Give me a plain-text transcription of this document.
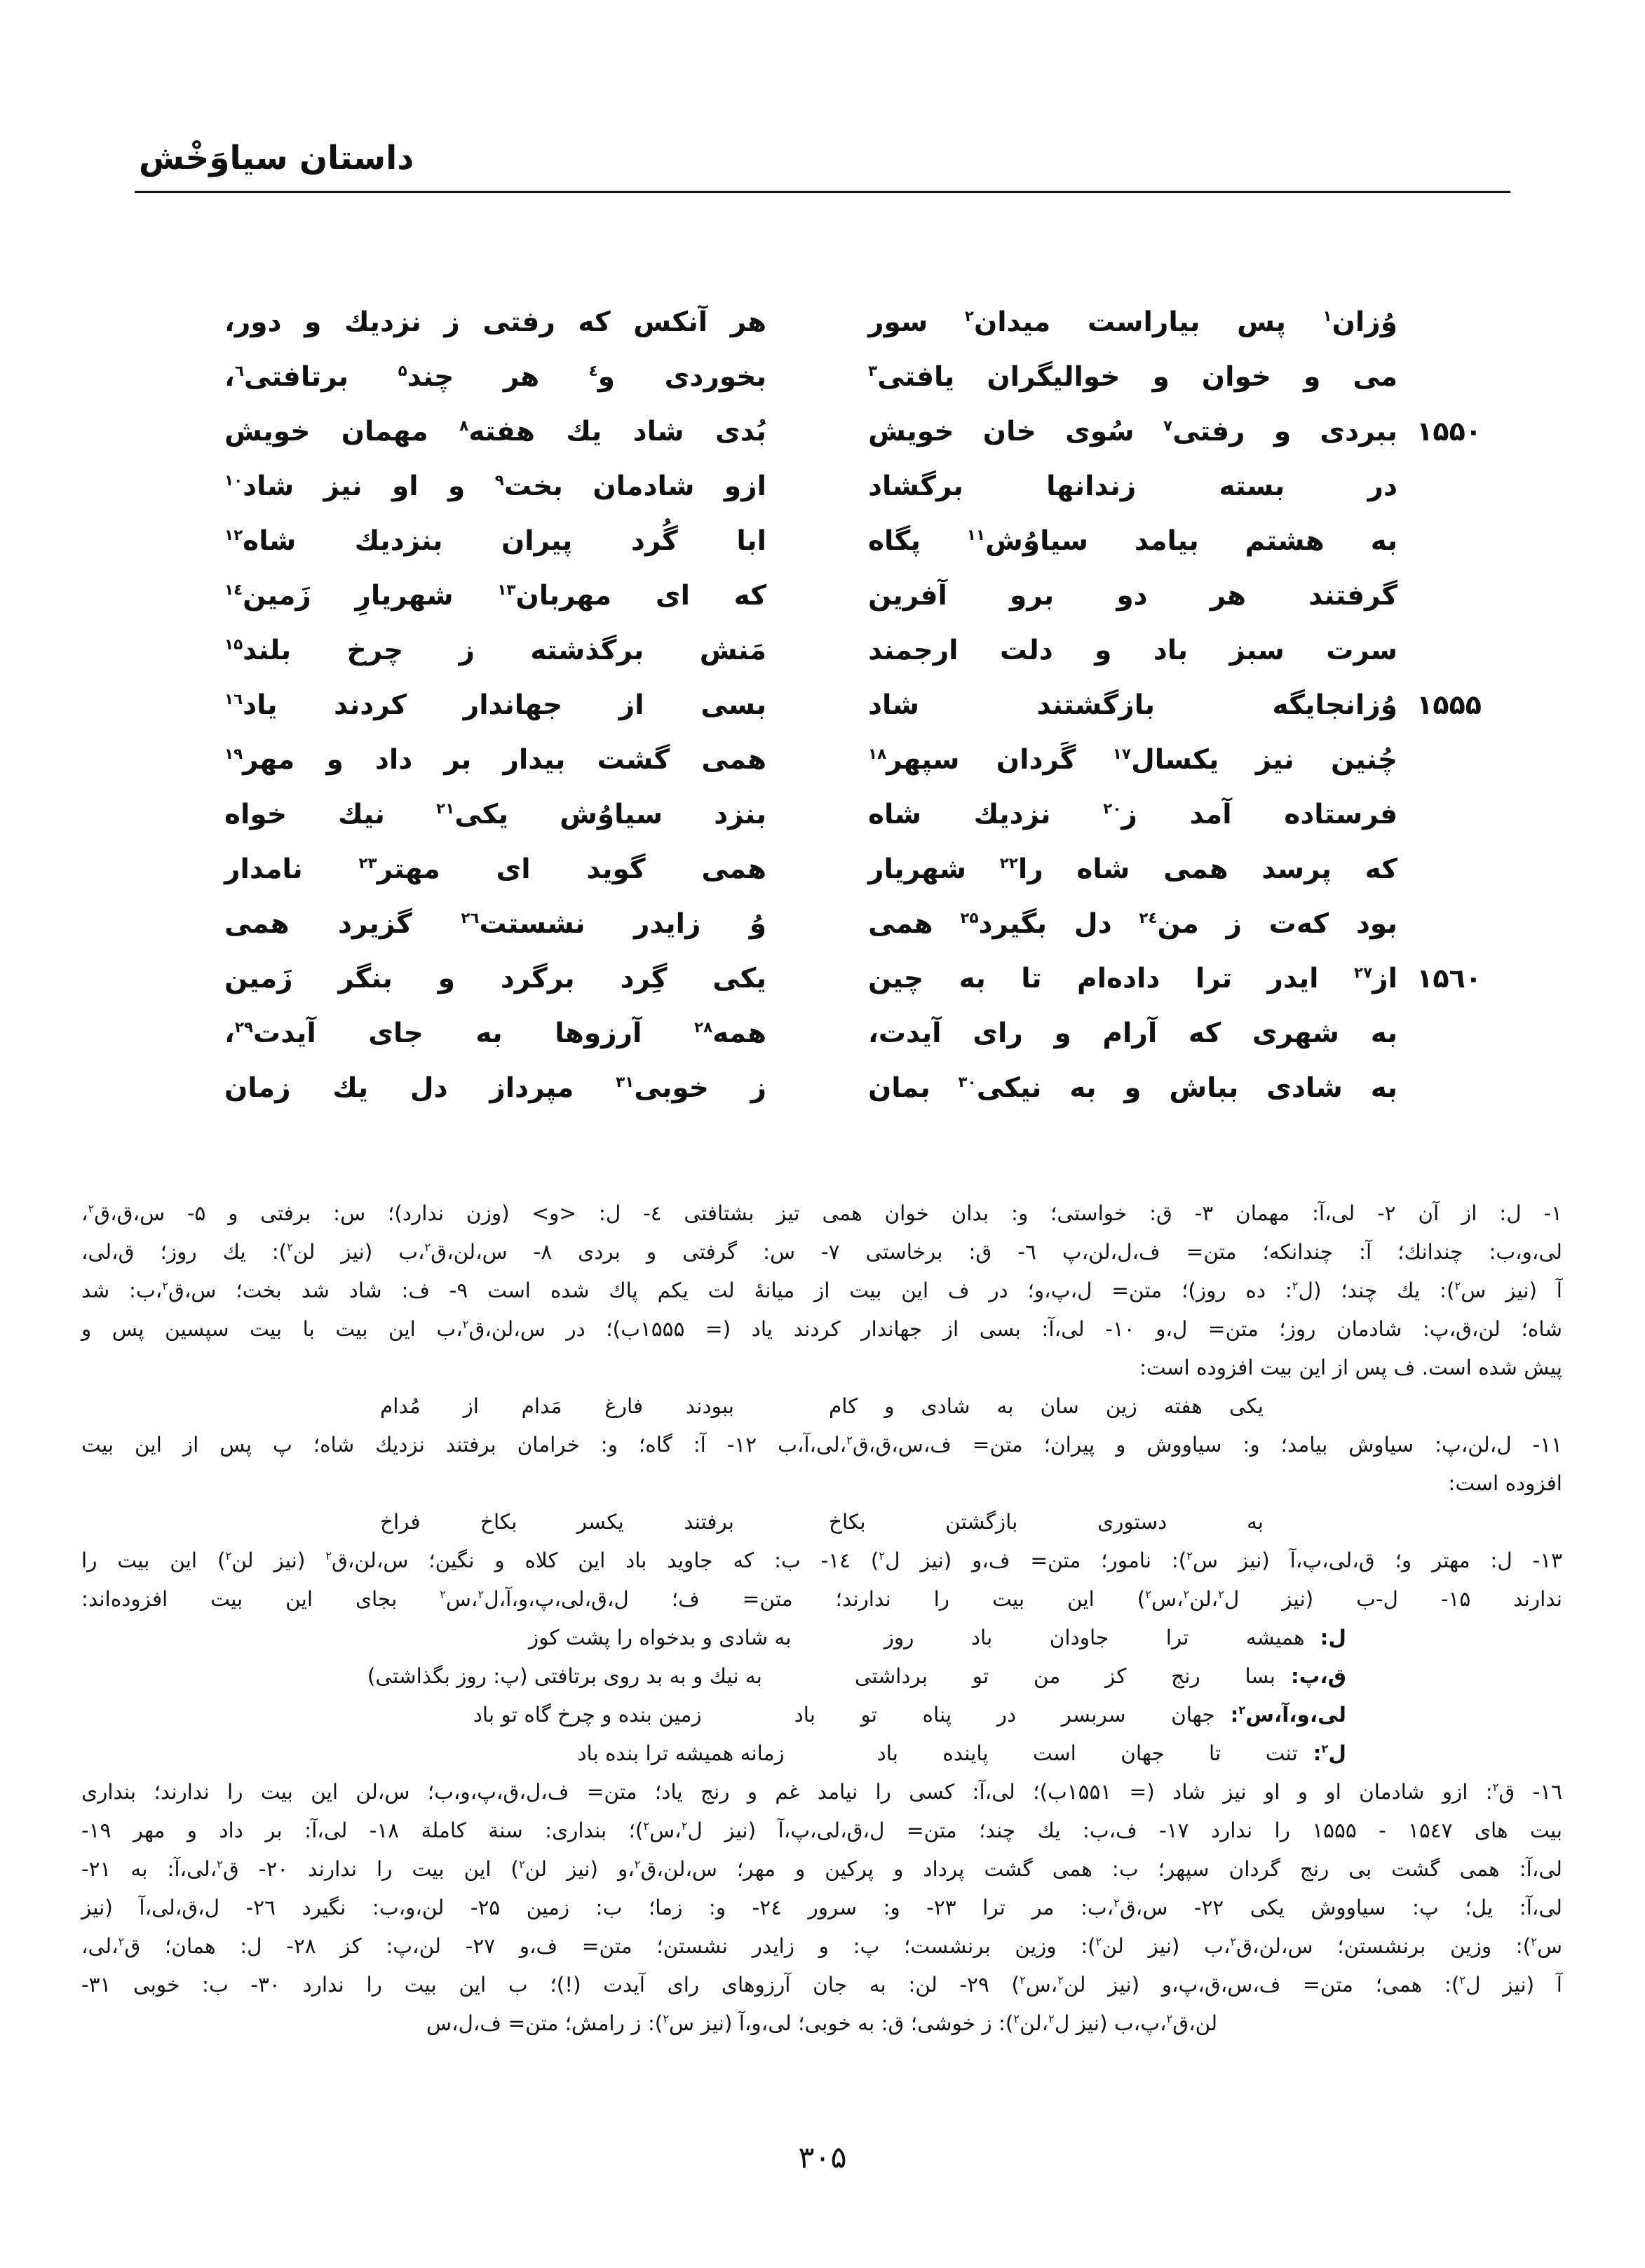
داستان سیاوَخْش
وُزان$^۱$ پس بیاراست میدان$^۲$ سور
هر آنکس که رفتی ز نزدیك و دور،
می و خوان و خوالیگران یافتی$^۳$
بخوردی و$^٤$ هر چند$^۵$ برتافتی$^٦$،
۱۵۵۰
ببردی و رفتی$^۷$ سُوی خان خویش
بُدی شاد یك هفته$^۸$ مهمان خویش
در بسته زندانها برگشاد
ازو شادمان بخت$^۹$ و او نیز شاد$^{۱۰}$
به هشتم بیامد سیاوُش$^{۱۱}$ پگاه
ابا گُرد پیران بنزدیك شاه$^{۱۲}$
گرفتند هر دو برو آفرین
که ای مهربان$^{۱۳}$ شهریارِ زَمین$^{۱٤}$
سرت سبز باد و دلت ارجمند
مَنش برگذشته ز چرخ بلند$^{۱۵}$
۱۵۵۵
وُزانجایگه بازگشتند شاد
بسی از جهاندار کردند یاد$^{۱٦}$
چُنین نیز یکسال$^{۱۷}$ گَردان سپهر$^{۱۸}$
همی گشت بیدار بر داد و مهر$^{۱۹}$
فرستاده آمد ز$^{۲۰}$ نزدیك شاه
بنزد سیاوُش یکی$^{۲۱}$ نیك خواه
که پرسد همی شاه را$^{۲۲}$ شهریار
همی گوید ای مهتر$^{۲۳}$ نامدار
بود که‌ت ز من$^{۲٤}$ دل بگیرد$^{۲۵}$ همی
وُ زایدر نشستت$^{۲٦}$ گزیرد همی
۱۵٦۰
از$^{۲۷}$ ایدر ترا داده‌ام تا به چین
یکی گِرد برگرد و بنگر زَمین
به شهری که آرام و رای آیدت،
همه$^{۲۸}$ آرزوها به جای آیدت$^{۲۹}$،
به شادی بباش و به نیکی$^{۳۰}$ بمان
ز خوبی$^{۳۱}$ مپرداز دل یك زمان
۱- ل: از آن ۲- لی،آ: مهمان ۳- ق: خواستی؛ و: بدان خوان همی تیز بشتافتی ٤- ل: <و> (وزن ندارد)؛ س: برفتی و ۵- س،ق،ق$^۲$،
لی،و،ب: چندانك؛ آ: چندانکه؛ متن= ف،ل،لن،پ ٦- ق: برخاستی ۷- س: گرفتی و بردی ۸- س،لن،ق$^۲$،ب (نیز لن$^۲$): یك روز؛ ق،لی،
آ (نیز س$^۲$): یك چند؛ (ل$^۲$: ده روز)؛ متن= ل،پ،و؛ در ف این بیت از میانهٔ لت یکم پاك شده است ۹- ف: شاد شد بخت؛ س،ق$^۲$،ب: شد
شاه؛ لن،ق،پ: شادمان روز؛ متن= ل،و ۱۰- لی،آ: بسی از جهاندار کردند یاد (= ۱۵۵۵ب)؛ در س،لن،ق$^۲$،ب این بیت با بیت سپسین پس و
پیش شده است. ف پس از این بیت افزوده است:
یکی هفته زین سان به شادی و کام
ببودند فارغ مَدام از مُدام
۱۱- ل،لن،پ: سیاوش بیامد؛ و: سیاووش و پیران؛ متن= ف،س،ق،ق$^۲$،لی،آ،ب ۱۲- آ: گاه؛ و: خرامان برفتند نزدیك شاه؛ پ پس از این بیت
افزوده است:
به دستوری بازگشتن بکاخ
برفتند یکسر بکاخ فراخ
۱۳- ل: مهتر و؛ ق،لی،پ،آ (نیز س$^۲$): نامور؛ متن= ف،و (نیز ل$^۲$) ۱٤- ب: که جاوید باد این کلاه و نگین؛ س،لن،ق$^۲$ (نیز لن$^۲$) این بیت را
ندارند ۱۵- ل-ب (نیز ل$^۲$،لن$^۲$،س$^۲$) این بیت را ندارند؛ متن= ف؛ ل،ق،لی،پ،و،آ،ل$^۲$،س$^۲$ بجای این بیت افزوده‌اند:
ل:
همیشه ترا جاودان باد روز
به شادی و بدخواه را پشت کوز
ق،پ:
بسا رنج کز من تو برداشتی
به نیك و به بد روی برتافتی (پ: روز بگذاشتی)
لی،و،آ،س$^۲$:
جهان سربسر در پناه تو باد
زمین بنده و چرخ گاه تو باد
ل$^۲$:
تنت تا جهان است پاینده باد
زمانه همیشه ترا بنده باد
۱٦- ق$^۲$: ازو شادمان او و او نیز شاد (= ۱۵۵۱ب)؛ لی،آ: کسی را نیامد غم و رنج یاد؛ متن= ف،ل،ق،پ،و،ب؛ س،لن این بیت را ندارند؛ بنداری
بیت های ۱۵٤۷ - ۱۵۵۵ را ندارد ۱۷- ف،ب: یك چند؛ متن= ل،ق،لی،پ،آ (نیز ل$^۲$،س$^۲$)؛ بنداری: سنة کاملة ۱۸- لی،آ: بر داد و مهر ۱۹-
لی،آ: همی گشت بی رنج گردان سپهر؛ ب: همی گشت پرداد و پرکین و مهر؛ س،لن،ق$^۲$،و (نیز لن$^۲$) این بیت را ندارند ۲۰- ق$^۲$،لی،آ: به ۲۱-
لی،آ: یل؛ پ: سیاووش یکی ۲۲- س،ق$^۲$،ب: مر ترا ۲۳- و: سرور ۲٤- و: زما؛ ب: زمین ۲۵- لن،و،ب: نگیرد ۲٦- ل،ق،لی،آ (نیز
س$^۲$): وزین برنشستن؛ س،لن،ق$^۲$،ب (نیز لن$^۲$): وزین برنشست؛ پ: و زایدر نشستن؛ متن= ف،و ۲۷- لن،پ: کز ۲۸- ل: همان؛ ق$^۲$،لی،
آ (نیز ل$^۲$): همی؛ متن= ف،س،ق،پ،و (نیز لن$^۲$،س$^۲$) ۲۹- لن: به جان آرزوهای رای آیدت (!)؛ ب این بیت را ندارد ۳۰- ب: خوبی ۳۱-
لن،ق$^۲$،پ،ب (نیز ل$^۲$،لن$^۲$): ز خوشی؛ ق: به خوبی؛ لی،و،آ (نیز س$^۲$): ز رامش؛ متن= ف،ل،س
۳۰۵
